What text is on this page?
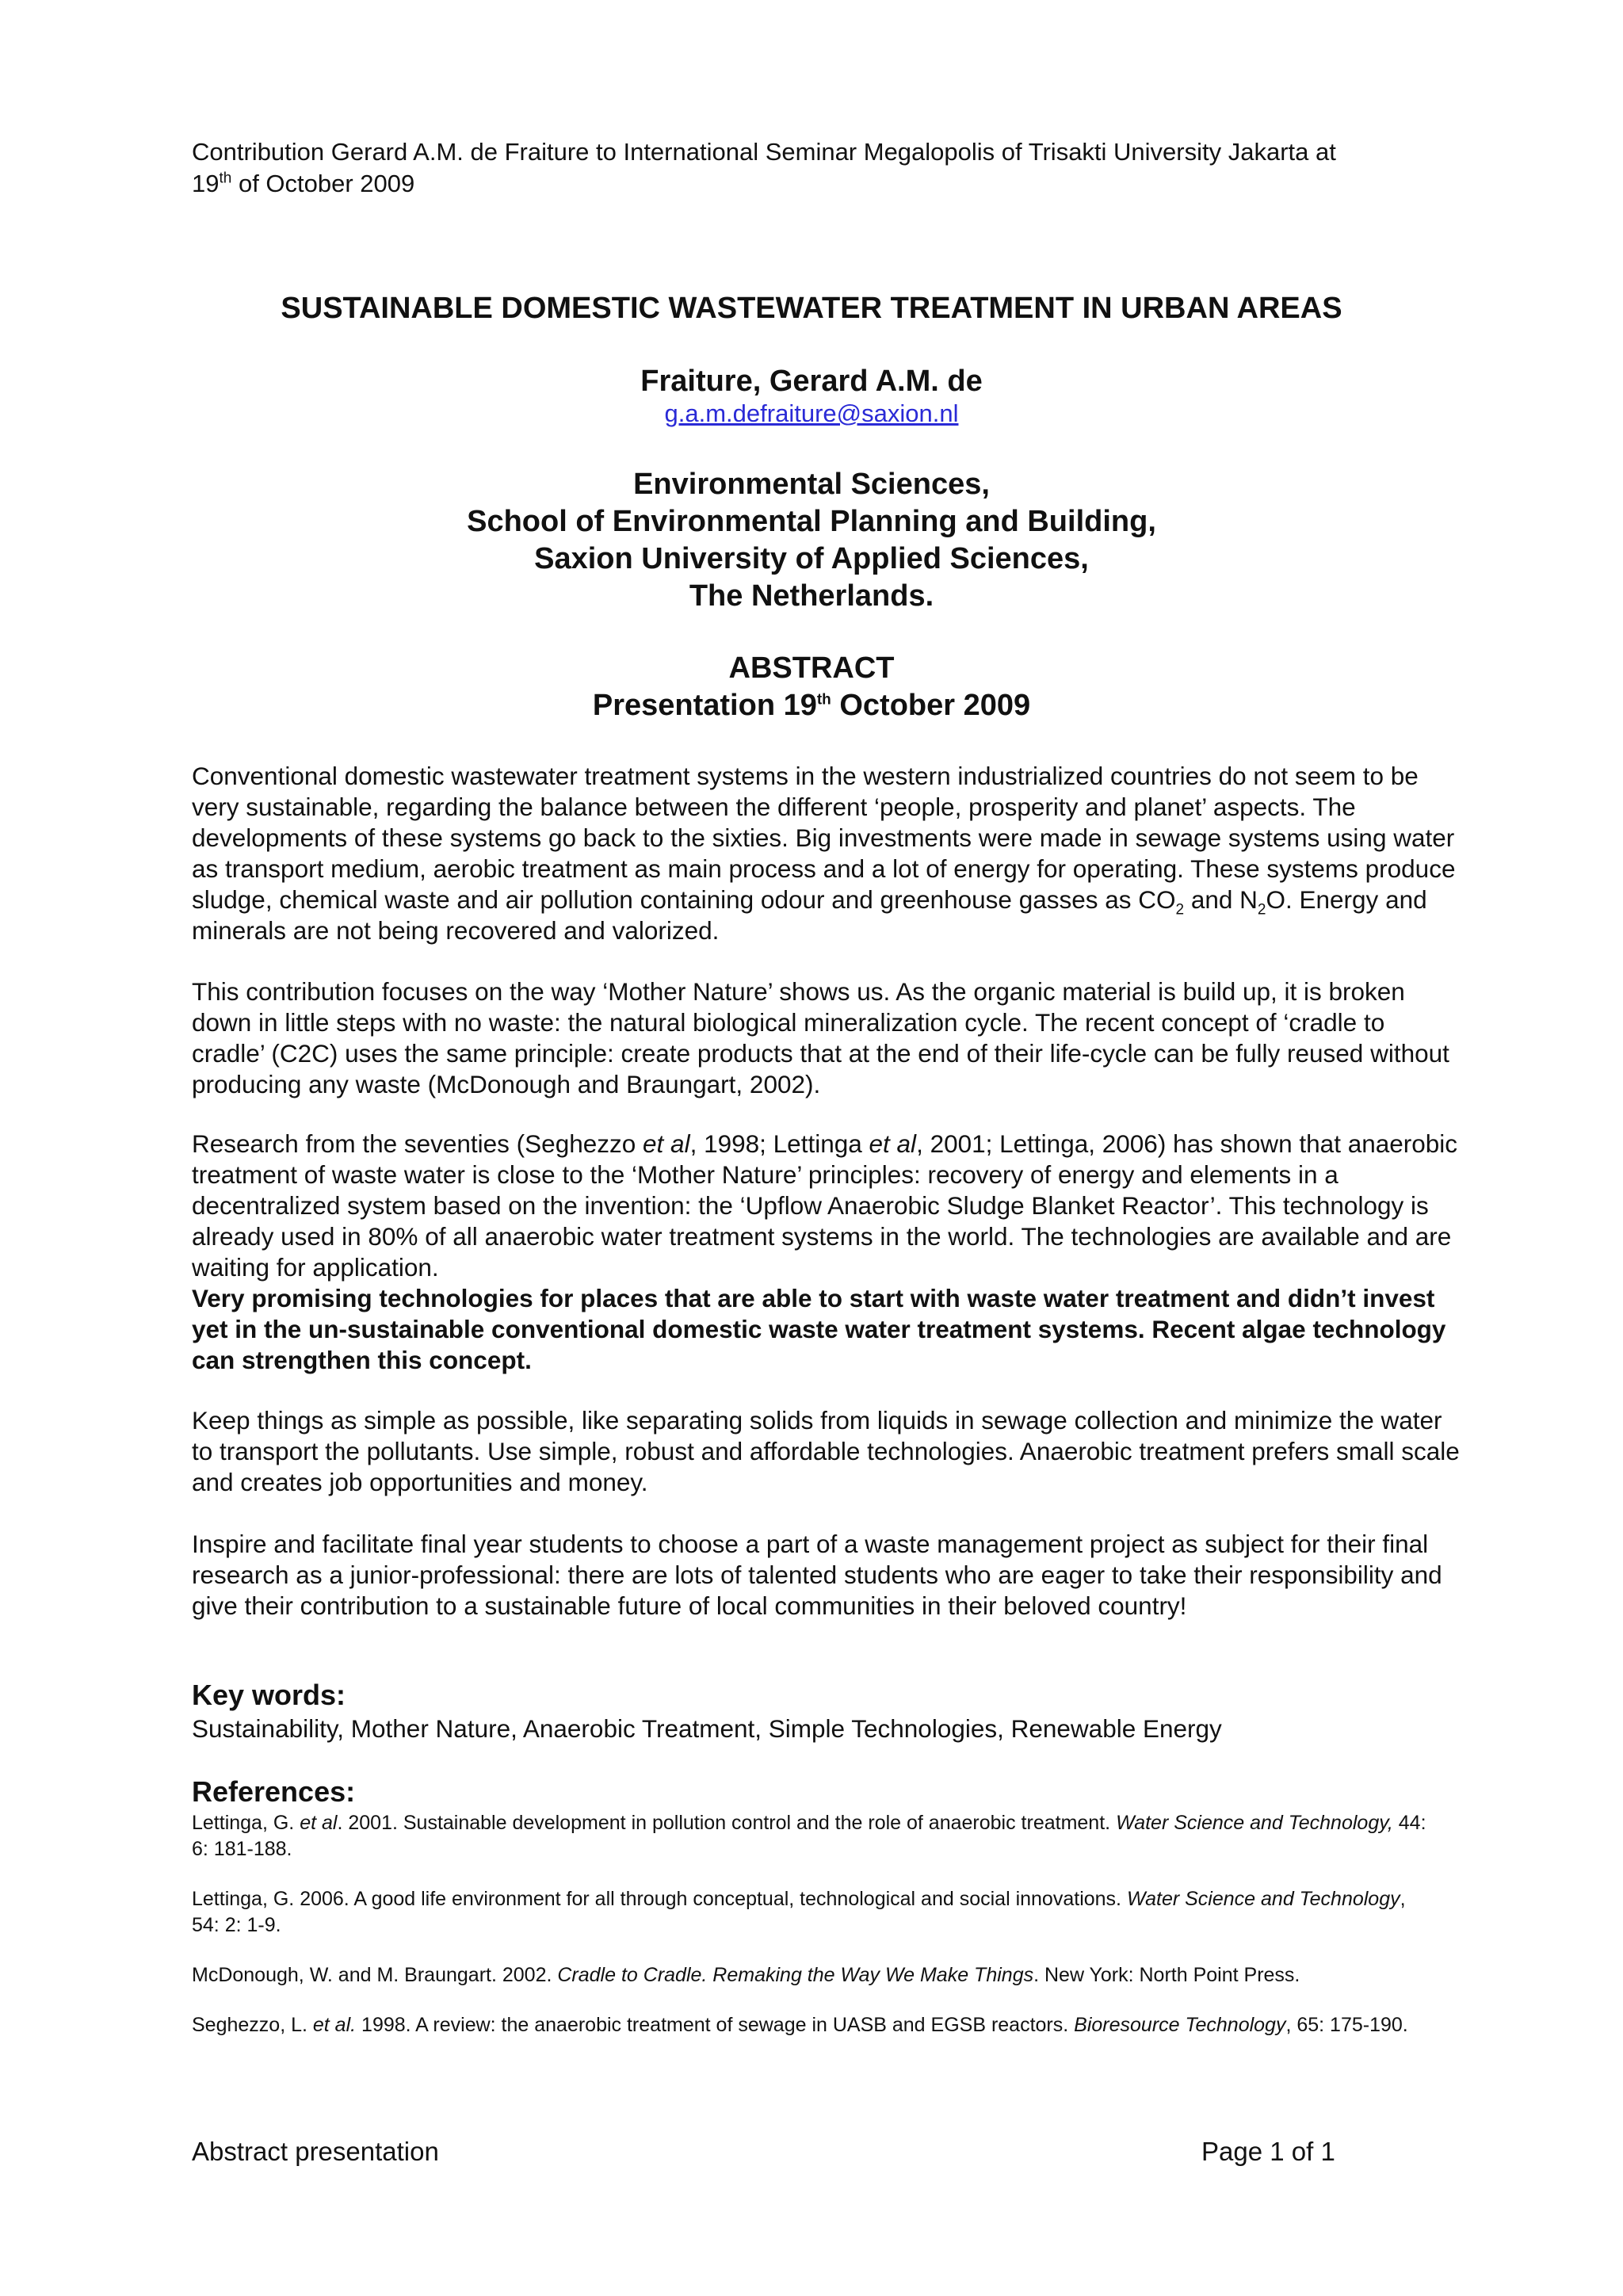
Contribution Gerard A.M. de Fraiture to International Seminar Megalopolis of Trisakti University Jakarta at
19th of October 2009
SUSTAINABLE DOMESTIC WASTEWATER TREATMENT IN URBAN AREAS
Fraiture, Gerard A.M. de
g.a.m.defraiture@saxion.nl
Environmental Sciences,
School of Environmental Planning and Building,
Saxion University of Applied Sciences,
The Netherlands.
ABSTRACT
Presentation 19th October 2009

Conventional domestic wastewater treatment systems in the western industrialized countries do not seem to be very sustainable, regarding the balance between the different ‘people, prosperity and planet’ aspects. The developments of these systems go back to the sixties. Big investments were made in sewage systems using water as transport medium, aerobic treatment as main process and a lot of energy for operating. These systems produce sludge, chemical waste and air pollution containing odour and greenhouse gasses as $CO_2$ and $N_2O$. Energy and minerals are not being recovered and valorized.

This contribution focuses on the way ‘Mother Nature’ shows us. As the organic material is build up, it is broken down in little steps with no waste: the natural biological mineralization cycle. The recent concept of ‘cradle to cradle’ (C2C) uses the same principle: create products that at the end of their life-cycle can be fully reused without producing any waste (McDonough and Braungart, 2002).

Research from the seventies (Seghezzo et al, 1998; Lettinga et al, 2001; Lettinga, 2006) has shown that anaerobic treatment of waste water is close to the ‘Mother Nature’ principles: recovery of energy and elements in a decentralized system based on the invention: the ‘Upflow Anaerobic Sludge Blanket Reactor’. This technology is already used in 80% of all anaerobic water treatment systems in the world. The technologies are available and are waiting for application.

Very promising technologies for places that are able to start with waste water treatment and didn’t invest yet in the un-sustainable conventional domestic waste water treatment systems. Recent algae technology can strengthen this concept.

Keep things as simple as possible, like separating solids from liquids in sewage collection and minimize the water to transport the pollutants. Use simple, robust and affordable technologies. Anaerobic treatment prefers small scale and creates job opportunities and money.

Inspire and facilitate final year students to choose a part of a waste management project as subject for their final research as a junior-professional: there are lots of talented students who are eager to take their responsibility and give their contribution to a sustainable future of local communities in their beloved country!

Key words:
Sustainability, Mother Nature, Anaerobic Treatment, Simple Technologies, Renewable Energy
References:

Lettinga, G. et al. 2001. Sustainable development in pollution control and the role of anaerobic treatment. Water Science and Technology, 44: 6: 181-188.

Lettinga, G. 2006. A good life environment for all through conceptual, technological and social innovations. Water Science and Technology, 54: 2: 1-9.

McDonough, W. and M. Braungart. 2002. Cradle to Cradle. Remaking the Way We Make Things. New York: North Point Press.

Seghezzo, L. et al. 1998. A review: the anaerobic treatment of sewage in UASB and EGSB reactors. Bioresource Technology, 65: 175-190.

Abstract presentation	Page 1 of 1
